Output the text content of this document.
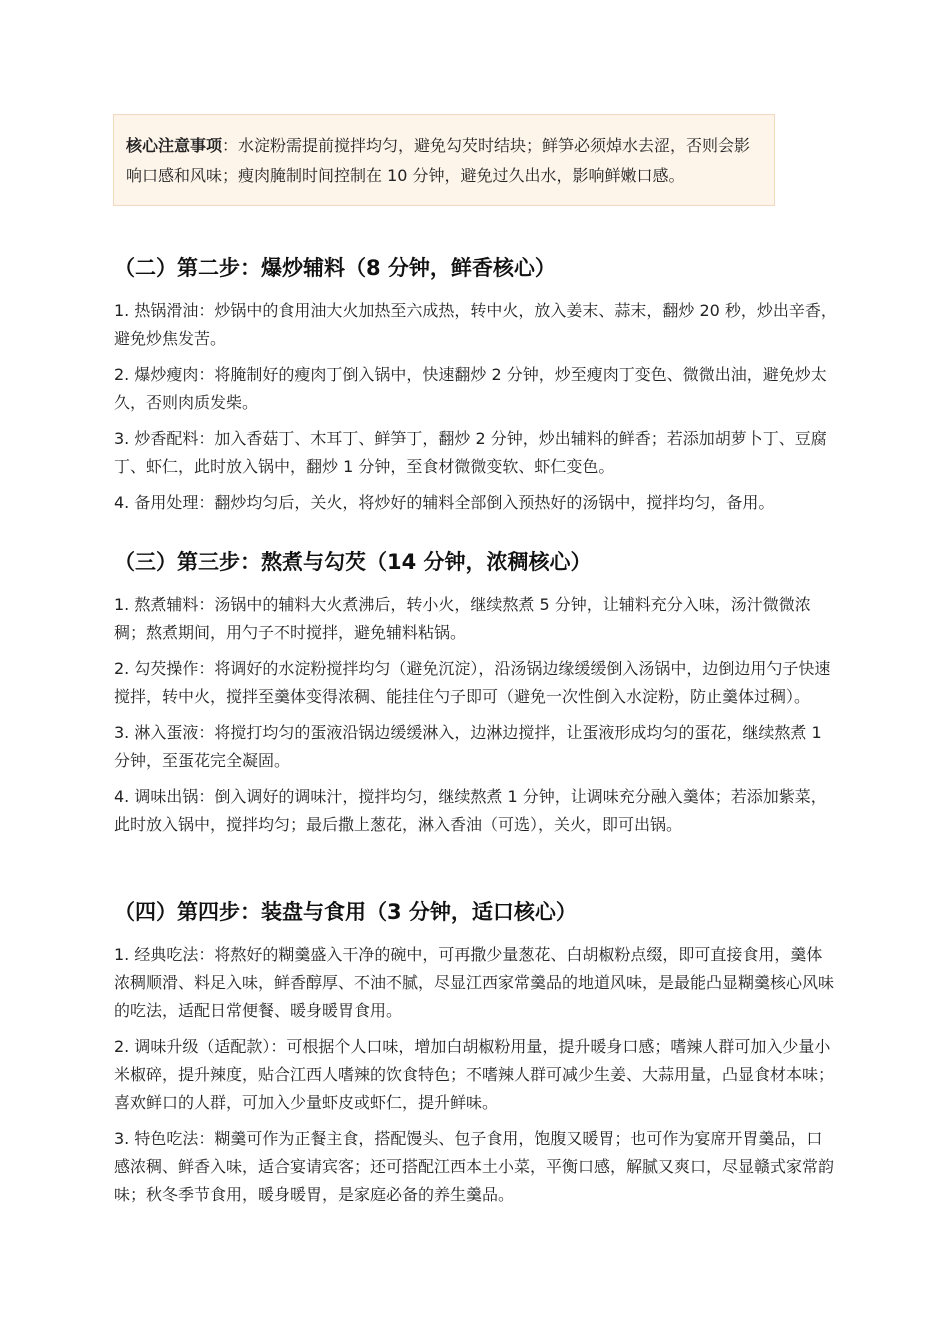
核心注意事项：水淀粉需提前搅拌均匀，避免勾芡时结块；鲜笋必须焯水去涩，否则会影响口感和风味；瘦肉腌制时间控制在 10 分钟，避免过久出水，影响鲜嫩口感。
（二）第二步：爆炒辅料（8 分钟，鲜香核心）

1. 热锅滑油：炒锅中的食用油大火加热至六成热，转中火，放入姜末、蒜末，翻炒 20 秒，炒出辛香，避免炒焦发苦。

2. 爆炒瘦肉：将腌制好的瘦肉丁倒入锅中，快速翻炒 2 分钟，炒至瘦肉丁变色、微微出油，避免炒太久，否则肉质发柴。

3. 炒香配料：加入香菇丁、木耳丁、鲜笋丁，翻炒 2 分钟，炒出辅料的鲜香；若添加胡萝卜丁、豆腐丁、虾仁，此时放入锅中，翻炒 1 分钟，至食材微微变软、虾仁变色。

4. 备用处理：翻炒均匀后，关火，将炒好的辅料全部倒入预热好的汤锅中，搅拌均匀，备用。

（三）第三步：熬煮与勾芡（14 分钟，浓稠核心）

1. 熬煮辅料：汤锅中的辅料大火煮沸后，转小火，继续熬煮 5 分钟，让辅料充分入味，汤汁微微浓稠；熬煮期间，用勺子不时搅拌，避免辅料粘锅。

2. 勾芡操作：将调好的水淀粉搅拌均匀（避免沉淀），沿汤锅边缘缓缓倒入汤锅中，边倒边用勺子快速搅拌，转中火，搅拌至羹体变得浓稠、能挂住勺子即可（避免一次性倒入水淀粉，防止羹体过稠）。

3. 淋入蛋液：将搅打均匀的蛋液沿锅边缓缓淋入，边淋边搅拌，让蛋液形成均匀的蛋花，继续熬煮 1 分钟，至蛋花完全凝固。

4. 调味出锅：倒入调好的调味汁，搅拌均匀，继续熬煮 1 分钟，让调味充分融入羹体；若添加紫菜，此时放入锅中，搅拌均匀；最后撒上葱花，淋入香油（可选），关火，即可出锅。

（四）第四步：装盘与食用（3 分钟，适口核心）

1. 经典吃法：将熬好的糊羹盛入干净的碗中，可再撒少量葱花、白胡椒粉点缀，即可直接食用，羹体浓稠顺滑、料足入味，鲜香醇厚、不油不腻，尽显江西家常羹品的地道风味，是最能凸显糊羹核心风味的吃法，适配日常便餐、暖身暖胃食用。

2. 调味升级（适配款）：可根据个人口味，增加白胡椒粉用量，提升暖身口感；嗜辣人群可加入少量小米椒碎，提升辣度，贴合江西人嗜辣的饮食特色；不嗜辣人群可减少生姜、大蒜用量，凸显食材本味；喜欢鲜口的人群，可加入少量虾皮或虾仁，提升鲜味。

3. 特色吃法：糊羹可作为正餐主食，搭配馒头、包子食用，饱腹又暖胃；也可作为宴席开胃羹品，口感浓稠、鲜香入味，适合宴请宾客；还可搭配江西本土小菜，平衡口感，解腻又爽口，尽显赣式家常韵味；秋冬季节食用，暖身暖胃，是家庭必备的养生羹品。
